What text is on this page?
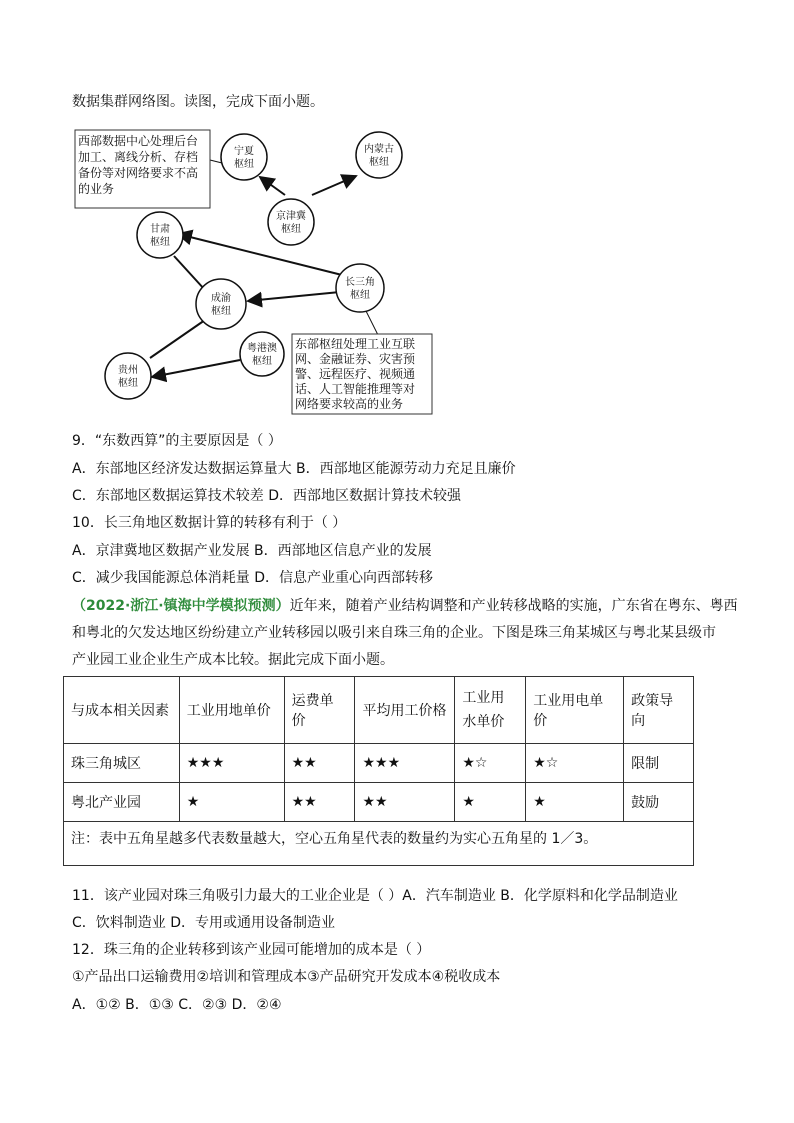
数据集群网络图。读图，完成下面小题。
西部数据中心处理后台 加工、离线分析、存档 备份等对网络要求不高 的业务
东部枢纽处理工业互联 网、金融证券、灾害预 警、远程医疗、视频通 话、人工智能推理等对 网络要求较高的业务
宁夏
枢纽
内蒙古
枢纽
京津冀
枢纽
甘肃
枢纽
长三角
枢纽
成渝
枢纽
粤港澳
枢纽
贵州
枢纽
9．“东数西算”的主要原因是（ ）
A．东部地区经济发达数据运算量大 B．西部地区能源劳动力充足且廉价
C．东部地区数据运算技术较差 D．西部地区数据计算技术较强
10．长三角地区数据计算的转移有利于（ ）
A．京津冀地区数据产业发展 B．西部地区信息产业的发展
C．减少我国能源总体消耗量 D．信息产业重心向西部转移
（2022·浙江·镇海中学模拟预测）近年来，随着产业结构调整和产业转移战略的实施，广东省在粤东、粤西
和粤北的欠发达地区纷纷建立产业转移园以吸引来自珠三角的企业。下图是珠三角某城区与粤北某县级市
产业园工业企业生产成本比较。据此完成下面小题。
与成本相关因素	工业用地单价	运费单价	平均用工价格	工业用水单价	工业用电单价	政策导向
珠三角城区	★★★	★★	★★★	★☆	★☆	限制
粤北产业园	★	★★	★★	★	★	鼓励
注：表中五角星越多代表数量越大，空心五角星代表的数量约为实心五角星的 1／3。						
11．该产业园对珠三角吸引力最大的工业企业是（ ）A．汽车制造业 B．化学原料和化学品制造业
C．饮料制造业 D．专用或通用设备制造业
12．珠三角的企业转移到该产业园可能增加的成本是（ ）
①产品出口运输费用②培训和管理成本③产品研究开发成本④税收成本
A．①② B．①③ C．②③ D．②④
